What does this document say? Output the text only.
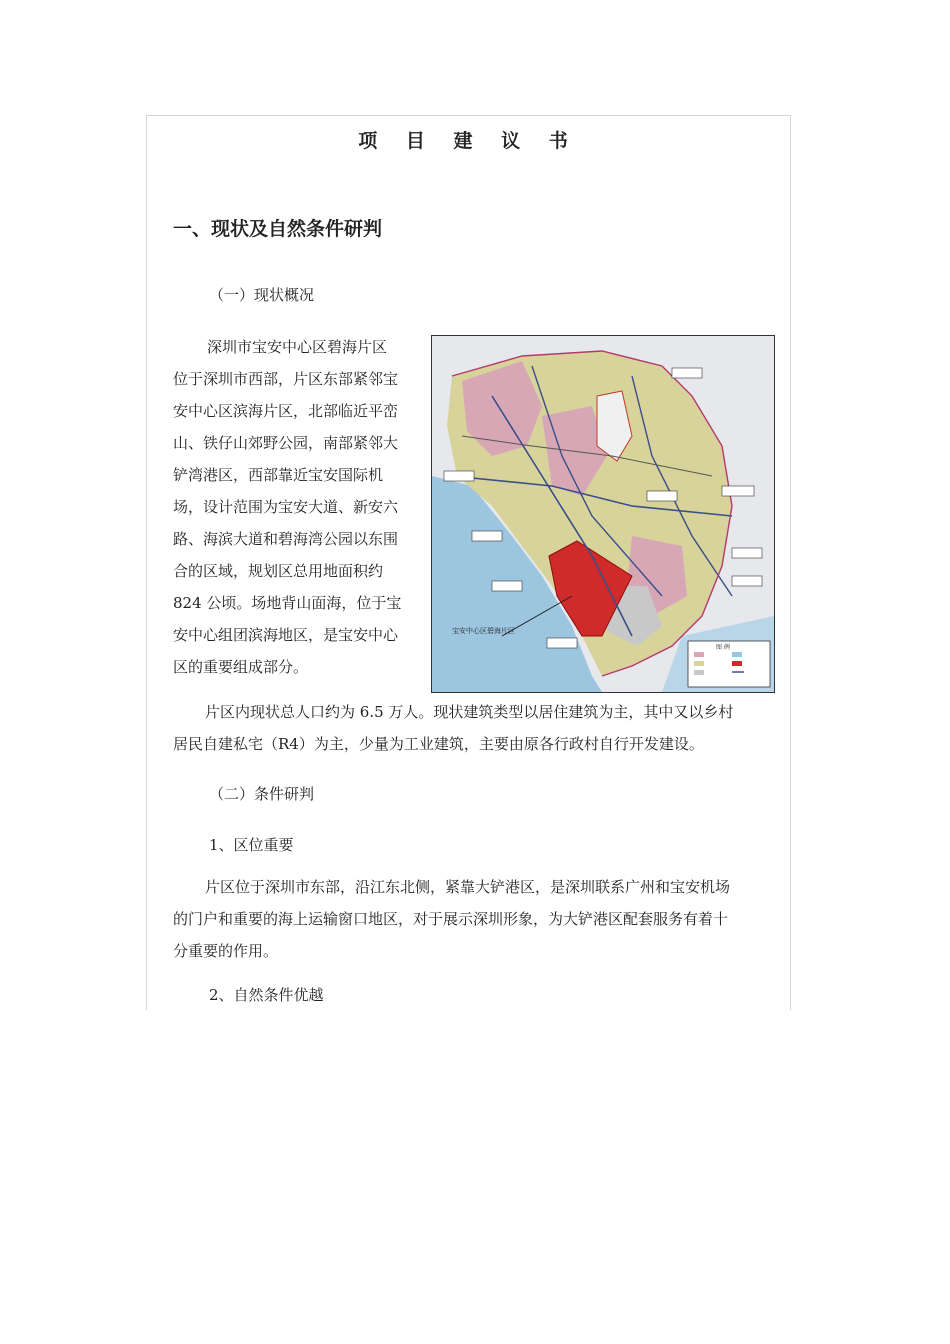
项 目 建 议 书
一、现状及自然条件研判
（一）现状概况
深圳市宝安中心区碧海片区
位于深圳市西部，片区东部紧邻宝
安中心区滨海片区，北部临近平峦
山、铁仔山郊野公园，南部紧邻大
铲湾港区，西部靠近宝安国际机
场，设计范围为宝安大道、新安六
路、海滨大道和碧海湾公园以东围
合的区域，规划区总用地面积约
824 公顷。场地背山面海，位于宝
安中心组团滨海地区，是宝安中心
区的重要组成部分。
宝安中心区碧海片区
图 例
片区内现状总人口约为 6.5 万人。现状建筑类型以居住建筑为主，其中又以乡村
居民自建私宅（R4）为主，少量为工业建筑，主要由原各行政村自行开发建设。
（二）条件研判
1、区位重要
片区位于深圳市东部，沿江东北侧，紧靠大铲港区，是深圳联系广州和宝安机场
的门户和重要的海上运输窗口地区，对于展示深圳形象，为大铲港区配套服务有着十
分重要的作用。
2、自然条件优越
